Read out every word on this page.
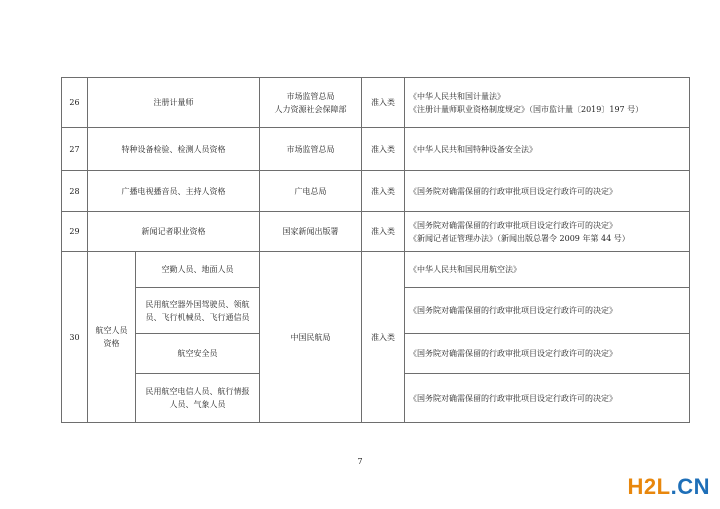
26	注册计量师		市场监管总局
人力资源社会保障部	准入类	《中华人民共和国计量法》
《注册计量师职业资格制度规定》（国市监计量〔2019〕197 号）

27	特种设备检验、检测人员资格		市场监管总局	准入类	《中华人民共和国特种设备安全法》

28	广播电视播音员、主持人资格		广电总局	准入类	《国务院对确需保留的行政审批项目设定行政许可的决定》

29	新闻记者职业资格		国家新闻出版署	准入类	《国务院对确需保留的行政审批项目设定行政许可的决定》
《新闻记者证管理办法》（新闻出版总署令 2009 年第 44 号）

30	航空人员
资格	空勤人员、地面人员	中国民航局	准入类	《中华人民共和国民用航空法》

		民用航空器外国驾驶员、领航
员、飞行机械员、飞行通信员			《国务院对确需保留的行政审批项目设定行政许可的决定》

		航空安全员			《国务院对确需保留的行政审批项目设定行政许可的决定》

		民用航空电信人员、航行情报
人员、气象人员			《国务院对确需保留的行政审批项目设定行政许可的决定》
7
H2L.CN
